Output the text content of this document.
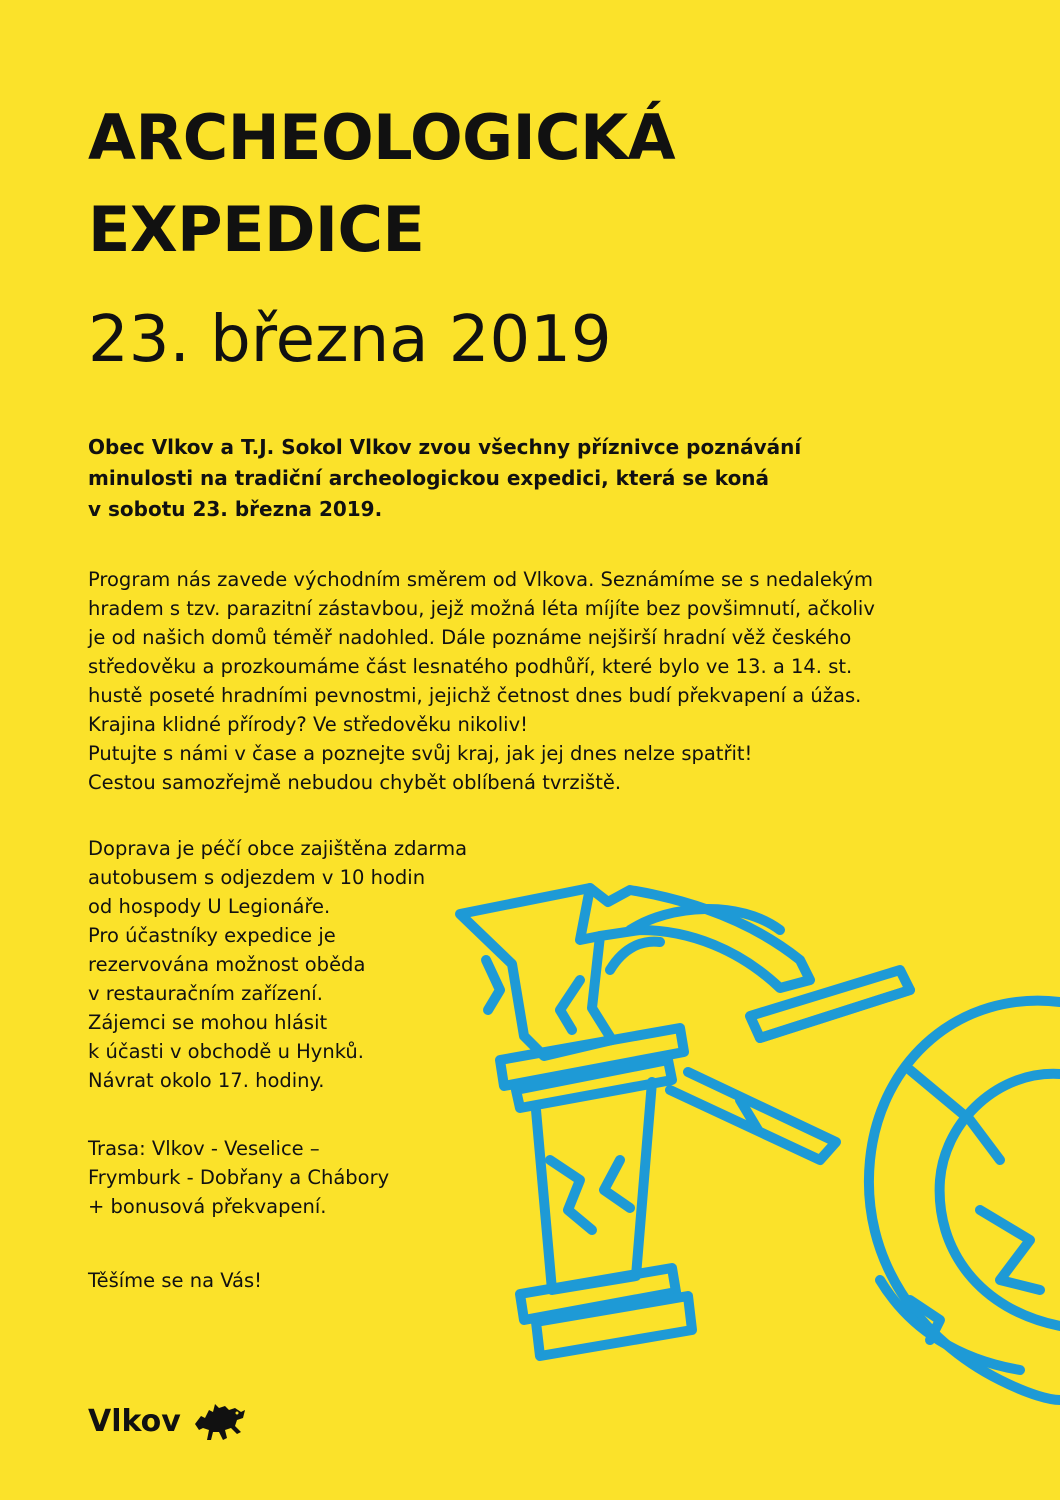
ARCHEOLOGICKÁ
EXPEDICE

23. března 2019

Obec Vlkov a T.J. Sokol Vlkov zvou všechny příznivce poznávání
minulosti na tradiční archeologickou expedici, která se koná
v sobotu 23. března 2019.

Program nás zavede východním směrem od Vlkova. Seznámíme se s nedalekým
hradem s tzv. parazitní zástavbou, jejž možná léta míjíte bez povšimnutí, ačkoliv
je od našich domů téměř nadohled. Dále poznáme nejširší hradní věž českého
středověku a prozkoumáme část lesnatého podhůří, které bylo ve 13. a 14. st.
hustě poseté hradními pevnostmi, jejichž četnost dnes budí překvapení a úžas.
Krajina klidné přírody? Ve středověku nikoliv!
Putujte s námi v čase a poznejte svůj kraj, jak jej dnes nelze spatřit!
Cestou samozřejmě nebudou chybět oblíbená tvrziště.

Doprava je péčí obce zajištěna zdarma
autobusem s odjezdem v 10 hodin
od hospody U Legionáře.
Pro účastníky expedice je
rezervována možnost oběda
v restauračním zařízení.
Zájemci se mohou hlásit
k účasti v obchodě u Hynků.
Návrat okolo 17. hodiny.

Trasa: Vlkov - Veselice –
Frymburk - Dobřany a Chábory
+ bonusová překvapení.

Těšíme se na Vás!

Vlkov
